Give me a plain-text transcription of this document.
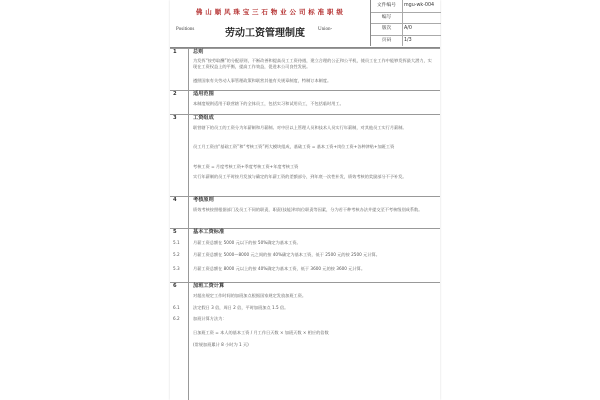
佛 山 顺 风 珠 宝 三 石 物 业 公 司 标 准 职 级
Positions	劳动工资管理制度	Union-
文件编号	mgu-wk-004
编写
版次	A/0
页码	1/3
1	总则
为发挥“按劳取酬”的分配原则，不断改善和提高员工工资待遇，建立合理的公正和公平机，使员工在工作中能够发挥最大潜力，实现在工资权益上的平衡，提高工作效益，促进本公司良性发展。
遵照国家有关劳动人事管理政策和联营其他有关规章制度，特制订本制度。
2	适用范围
本制度规则适用于联营辖下的全体员工，包括实习和试用员工，不包括临时用工。
3	工资组成
联营辖下的员工的工资分为年薪制和月薪制。对中层以上管理人员和技术人员实行年薪制，对其他员工实行月薪制。
员工月工资由“基础工资”和“考核工资”两大模块组成，基础工资 = 基本工资+岗位工资+各种津贴+加班工资
考核工资 = 月度考核工资+季度考核工资+年度考核工资
实行年薪制的员工平时按月发放与确定的年薪工资的差额部分，到年底一次性补发，绩效考核的奖励部分不予补发。
4	考核原则
绩效考核按照根据部门及员工不同的职责，职责(技能)和岗位职责等因素，分为若干种考核办法并提交至不考核级别成系数。
5	基本工资标准
5.1	月薪工资总额在 5000 元以下的按 50%确定为基本工资。
5.2	月薪工资总额在 5000—8000 元之间的按 40%确定为基本工资，低于 2500 元的按 2500 元计算。
5.3	月薪工资总额在 8000 元以上的按 40%确定为基本工资，低于 3600 元的按 3600 元计算。
6	加班工资计算
对超出规定工作时间的加班加点根据国家规定发放加班工资。
6.1	法定假日 3 倍，周日 2 倍，平时加班加点 1.5 倍。
6.2	加班计算方法为：
日加班工资 = 本人的基本工资 / 月工作日天数 × 加班天数 × 相应的倍数
(常规加班累计 8 小时为 1 天)
